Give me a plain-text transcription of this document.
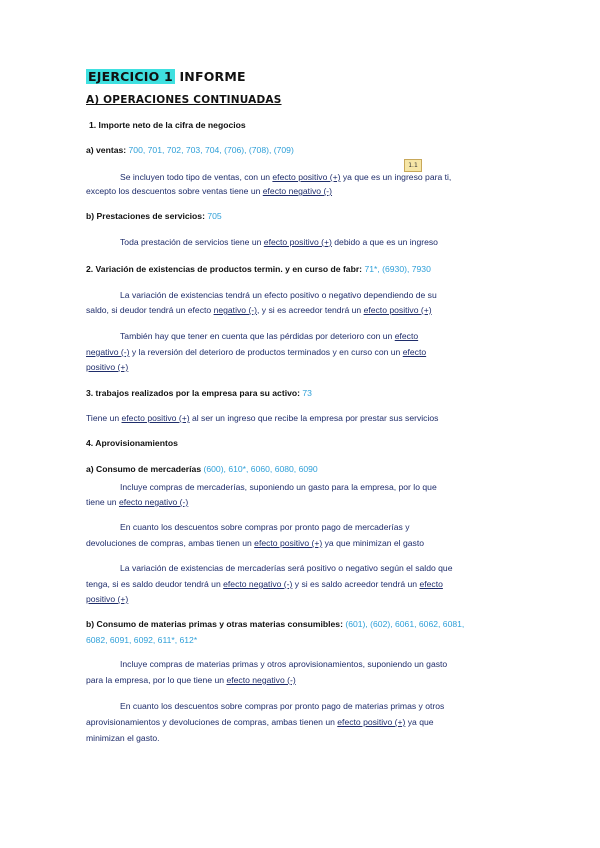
EJERCICIO 1 INFORME
A) OPERACIONES CONTINUADAS
1.1
1. Importe neto de la cifra de negocios
a) ventas: 700, 701, 702, 703, 704, (706), (708), (709)
Se incluyen todo tipo de ventas, con un efecto positivo (+) ya que es un ingreso para ti,
excepto los descuentos sobre ventas tiene un efecto negativo (-)
b) Prestaciones de servicios: 705
Toda prestación de servicios tiene un efecto positivo (+) debido a que es un ingreso
2. Variación de existencias de productos termin. y en curso de fabr: 71*, (6930), 7930
La variación de existencias tendrá un efecto positivo o negativo dependiendo de su
saldo, si deudor tendrá un efecto negativo (-), y si es acreedor tendrá un efecto positivo (+)
También hay que tener en cuenta que las pérdidas por deterioro con un efecto
negativo (-) y la reversión del deterioro de productos terminados y en curso con un efecto
positivo (+)
3. trabajos realizados por la empresa para su activo: 73
Tiene un efecto positivo (+) al ser un ingreso que recibe la empresa por prestar sus servicios
4. Aprovisionamientos
a) Consumo de mercaderías (600), 610*, 6060, 6080, 6090
Incluye compras de mercaderías, suponiendo un gasto para la empresa, por lo que
tiene un efecto negativo (-)
En cuanto los descuentos sobre compras por pronto pago de mercaderías y
devoluciones de compras, ambas tienen un efecto positivo (+) ya que minimizan el gasto
La variación de existencias de mercaderías será positivo o negativo según el saldo que
tenga, si es saldo deudor tendrá un efecto negativo (-) y si es saldo acreedor tendrá un efecto
positivo (+)
b) Consumo de materias primas y otras materias consumibles: (601), (602), 6061, 6062, 6081,
6082, 6091, 6092, 611*, 612*
Incluye compras de materias primas y otros aprovisionamientos, suponiendo un gasto
para la empresa, por lo que tiene un efecto negativo (-)
En cuanto los descuentos sobre compras por pronto pago de materias primas y otros
aprovisionamientos y devoluciones de compras, ambas tienen un efecto positivo (+) ya que
minimizan el gasto.
